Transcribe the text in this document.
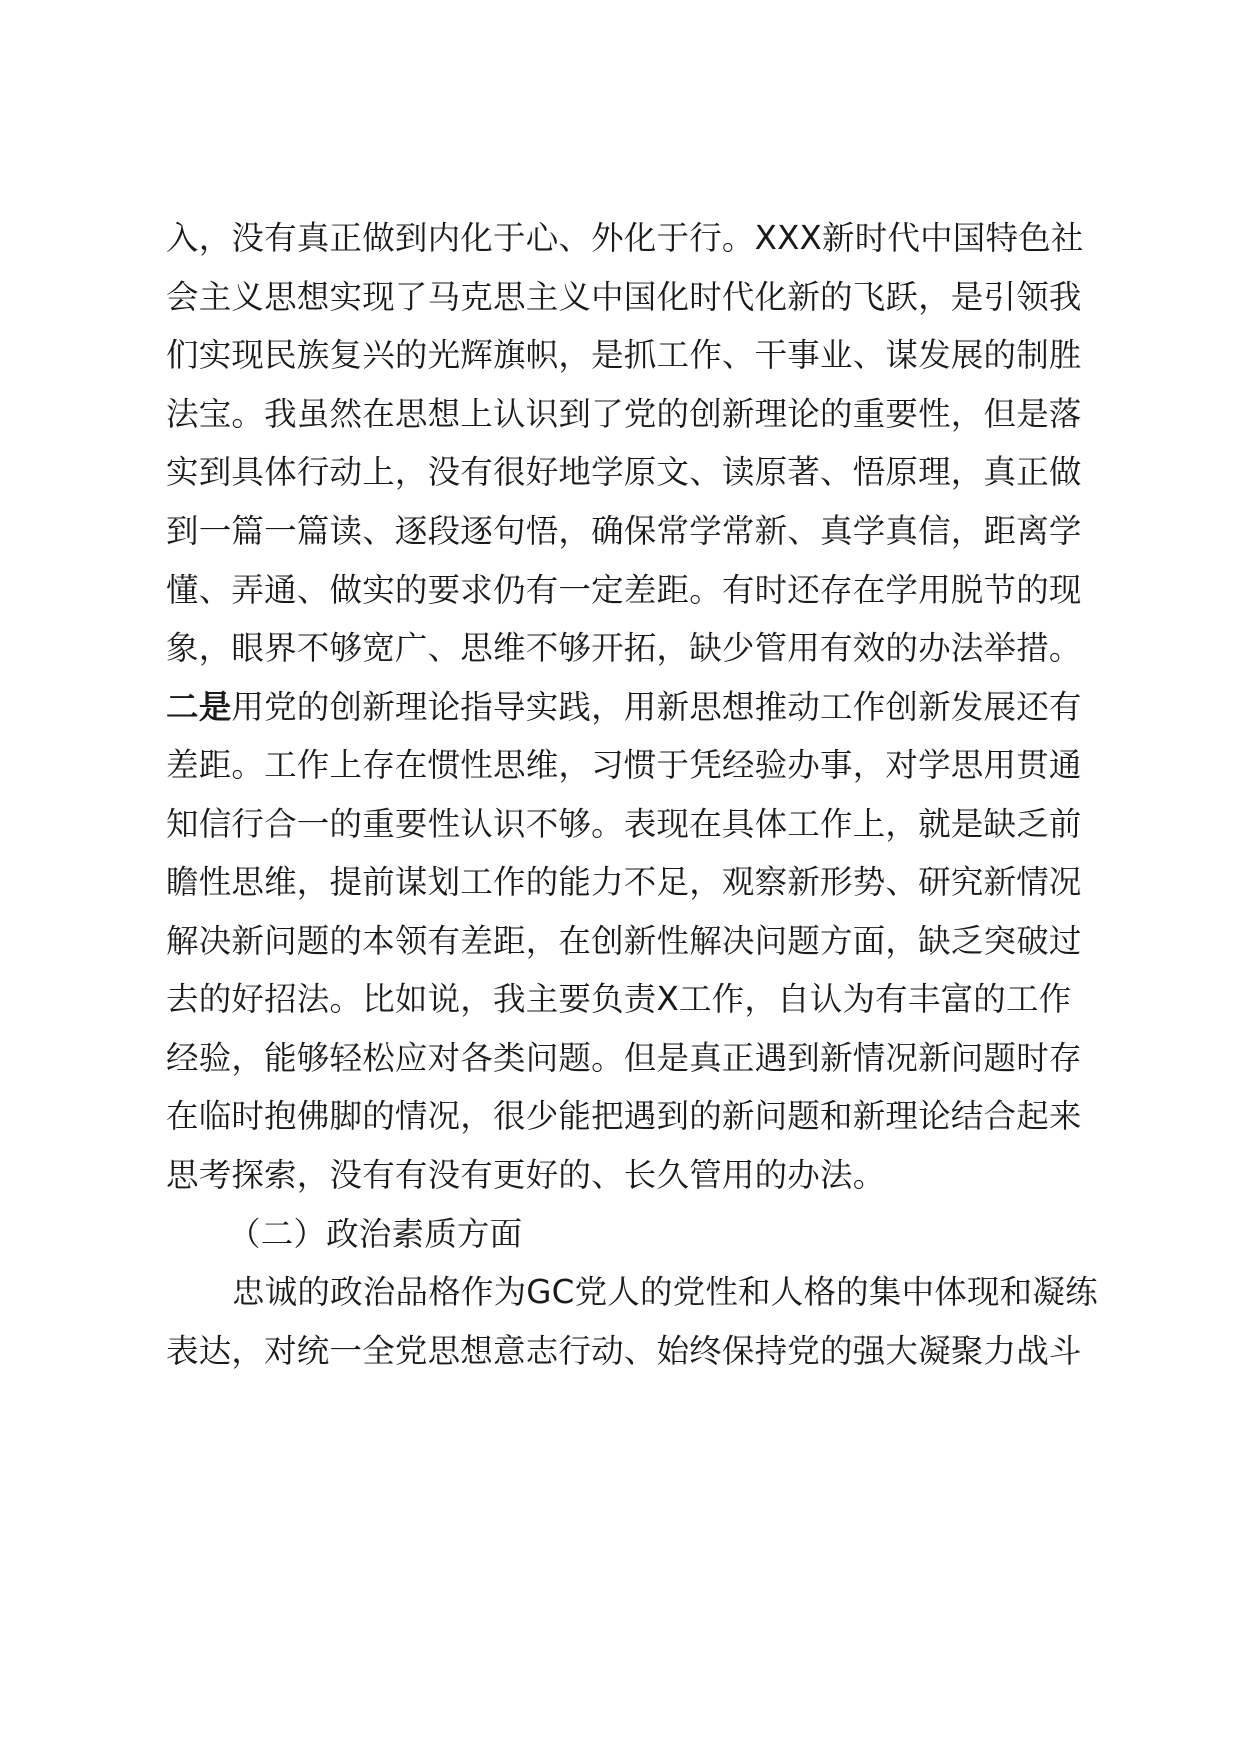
入，没有真正做到内化于心、外化于行。XXX新时代中国特色社
会主义思想实现了马克思主义中国化时代化新的飞跃，是引领我
们实现民族复兴的光辉旗帜，是抓工作、干事业、谋发展的制胜
法宝。我虽然在思想上认识到了党的创新理论的重要性，但是落
实到具体行动上，没有很好地学原文、读原著、悟原理，真正做
到一篇一篇读、逐段逐句悟，确保常学常新、真学真信，距离学
懂、弄通、做实的要求仍有一定差距。有时还存在学用脱节的现
象，眼界不够宽广、思维不够开拓，缺少管用有效的办法举措。
二是用党的创新理论指导实践，用新思想推动工作创新发展还有
差距。工作上存在惯性思维，习惯于凭经验办事，对学思用贯通
知信行合一的重要性认识不够。表现在具体工作上，就是缺乏前
瞻性思维，提前谋划工作的能力不足，观察新形势、研究新情况
解决新问题的本领有差距，在创新性解决问题方面，缺乏突破过
去的好招法。比如说，我主要负责X工作，自认为有丰富的工作
经验，能够轻松应对各类问题。但是真正遇到新情况新问题时存
在临时抱佛脚的情况，很少能把遇到的新问题和新理论结合起来
思考探索，没有有没有更好的、长久管用的办法。
（二）政治素质方面
忠诚的政治品格作为GC党人的党性和人格的集中体现和凝练
表达，对统一全党思想意志行动、始终保持党的强大凝聚力战斗
